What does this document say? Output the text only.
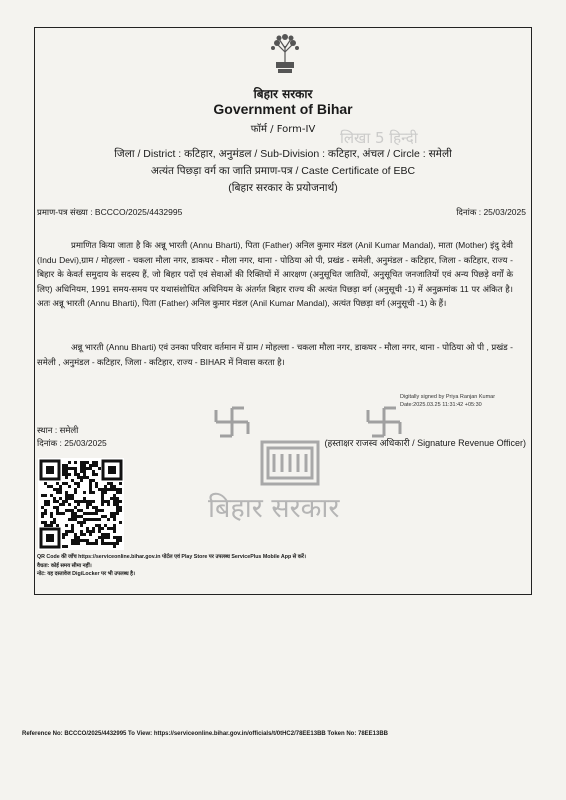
बिहार सरकार
Government of Bihar
फॉर्म / Form-IV	लिखा 5 हिन्दी
जिला / District : कटिहार, अनुमंडल / Sub-Division : कटिहार, अंचल / Circle : समेली
अत्यंत पिछड़ा वर्ग का जाति प्रमाण-पत्र / Caste Certificate of EBC
(बिहार सरकार के प्रयोजनार्थ)
प्रमाण-पत्र संख्या : BCCCO/2025/4432995	दिनांक : 25/03/2025
प्रमाणित किया जाता है कि अन्नू भारती (Annu Bharti), पिता (Father) अनिल कुमार मंडल (Anil Kumar Mandal), माता (Mother) इंदु देवी (Indu Devi),ग्राम / मोहल्ला - चकला मौला नगर, डाकघर - मौला नगर, थाना - पोठिया ओ पी, प्रखंड - समेली, अनुमंडल - कटिहार, जिला - कटिहार, राज्य - बिहार के केवर्त समुदाय के सदस्य हैं, जो बिहार पदों एवं सेवाओं की रिक्तियों में आरक्षण (अनुसूचित जातियों, अनुसूचित जनजातियों एवं अन्य पिछड़े वर्गों के लिए) अधिनियम, 1991 समय-समय पर यथासंशोधित अधिनियम के अंतर्गत बिहार राज्य की अत्यंत पिछड़ा वर्ग (अनुसूची -1) में अनुक्रमांक 11 पर अंकित है। अतः अन्नू भारती (Annu Bharti), पिता (Father) अनिल कुमार मंडल (Anil Kumar Mandal), अत्यंत पिछड़ा वर्ग (अनुसूची -1) के हैं।
अन्नू भारती (Annu Bharti) एवं उनका परिवार वर्तमान में ग्राम / मोहल्ला - चकला मौला नगर, डाकघर - मौला नगर, थाना - पोठिया ओ पी , प्रखंड - समेली , अनुमंडल - कटिहार, जिला - कटिहार, राज्य - BIHAR में निवास करता है।
Digitally signed by Priya Ranjan Kumar
Date:2025.03.25 11:31:42 +05:30
स्थान : समेली
दिनांक : 25/03/2025	(हस्ताक्षर राजस्व अधिकारी / Signature Revenue Officer)
बिहार सरकार
QR Code की जाँच https://serviceonline.bihar.gov.in पोर्टल एवं Play Store पर उपलब्ध ServicePlus Mobile App से करें।
वैधता: कोई समय सीमा नहीं।
नोट: यह दस्तावेज DigiLocker पर भी उपलब्ध है।
Reference No: BCCCO/2025/4432995 To View: https://serviceonline.bihar.gov.in/officials/t/0tHC2/78EE13BB Token No: 78EE13BB
